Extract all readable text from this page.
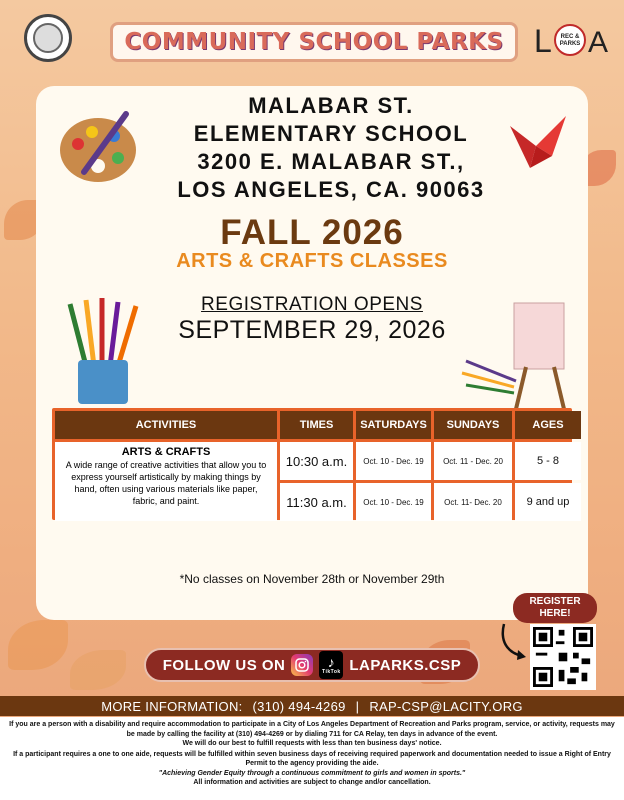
COMMUNITY SCHOOL PARKS L REC &
PARKS A
MALABAR ST.
ELEMENTARY SCHOOL
3200 E. MALABAR ST.,
LOS ANGELES, CA. 90063
FALL 2026
ARTS & CRAFTS CLASSES
REGISTRATION OPENS
SEPTEMBER 29, 2026
ACTIVITIES	TIMES	SATURDAYS	SUNDAYS	AGES
ARTS & CRAFTS
A wide range of creative activities that allow you to express yourself artistically by making things by hand, often using various materials like paper, fabric, and paint.
10:30 a.m.	Oct. 10 - Dec. 19	Oct. 11 - Dec. 20	5 - 8
11:30 a.m.	Oct. 10 - Dec. 19	Oct. 11- Dec. 20	9 and up
*No classes on November 28th or November 29th
REGISTER
HERE!
FOLLOW US ON	♪
TikTok LAPARKS.CSP
MORE INFORMATION: (310) 494-4269 | RAP-CSP@LACITY.ORG
If you are a person with a disability and require accommodation to participate in a City of Los Angeles Department of Recreation and Parks program, service, or activity, requests may be made by calling the facility at (310) 494-4269 or by dialing 711 for CA Relay, ten days in advance of the event.
We will do our best to fulfill requests with less than ten business days' notice.
If a participant requires a one to one aide, requests will be fulfilled within seven business days of receiving required paperwork and documentation needed to issue a Right of Entry Permit to the agency providing the aide.
"Achieving Gender Equity through a continuous commitment to girls and women in sports."
All information and activities are subject to change and/or cancellation.
